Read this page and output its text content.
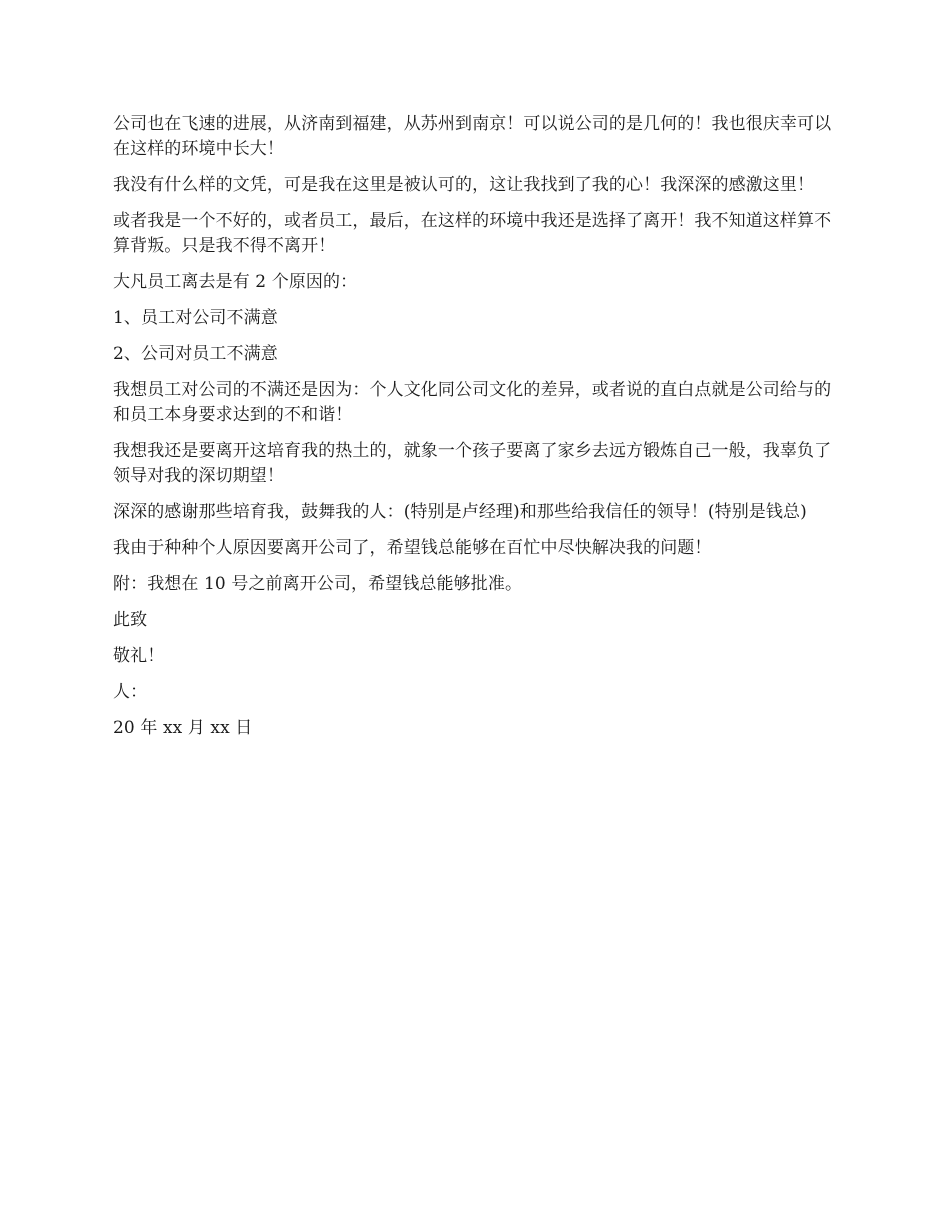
公司也在飞速的进展，从济南到福建，从苏州到南京！可以说公司的是几何的！我也很庆幸可以在这样的环境中长大！

我没有什么样的文凭，可是我在这里是被认可的，这让我找到了我的心！我深深的感激这里！

或者我是一个不好的，或者员工，最后，在这样的环境中我还是选择了离开！我不知道这样算不算背叛。只是我不得不离开！

大凡员工离去是有 2 个原因的：

1、员工对公司不满意

2、公司对员工不满意

我想员工对公司的不满还是因为：个人文化同公司文化的差异，或者说的直白点就是公司给与的和员工本身要求达到的不和谐！

我想我还是要离开这培育我的热土的，就象一个孩子要离了家乡去远方锻炼自己一般，我辜负了领导对我的深切期望！

深深的感谢那些培育我，鼓舞我的人：(特别是卢经理)和那些给我信任的领导！(特别是钱总)

我由于种种个人原因要离开公司了，希望钱总能够在百忙中尽快解决我的问题！

附：我想在 10 号之前离开公司，希望钱总能够批准。

此致

敬礼！

人：

20 年 xx 月 xx 日
